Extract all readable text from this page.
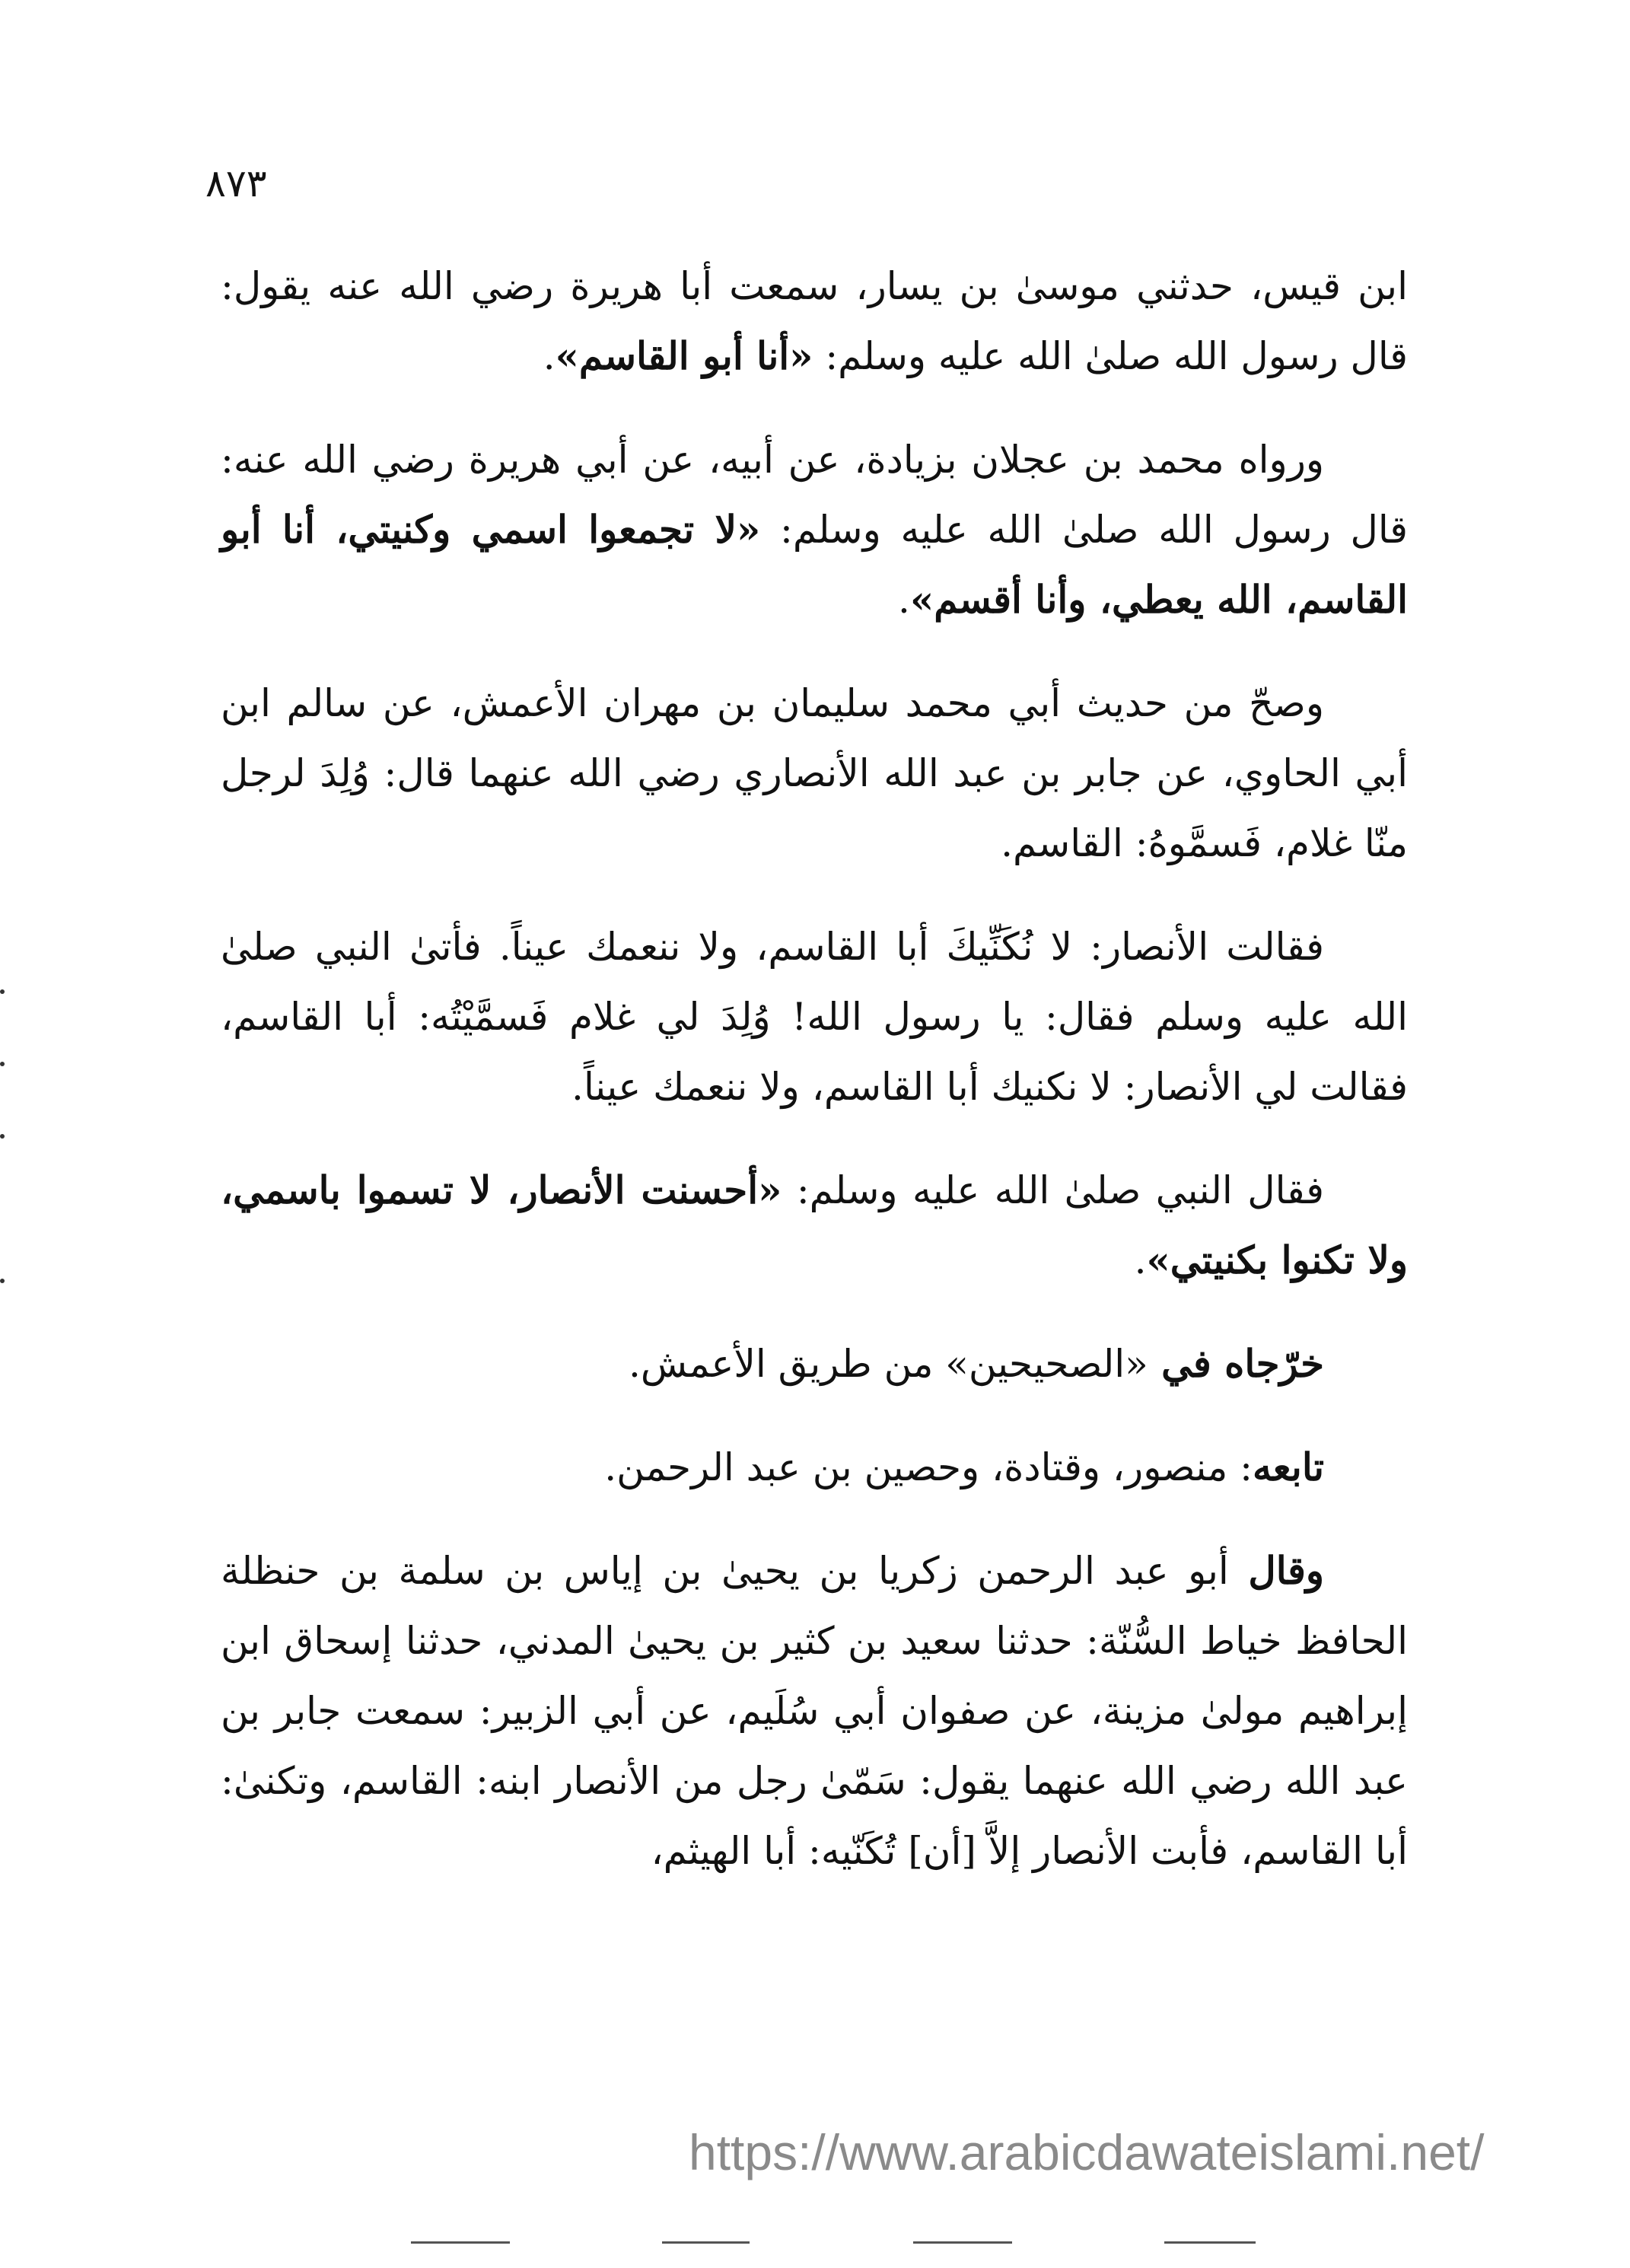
٨٧٣

ابن قيس، حدثني موسىٰ بن يسار، سمعت أبا هريرة رضي الله عنه يقول: قال رسول الله صلىٰ الله عليه وسلم: «أنا أبو القاسم».

ورواه محمد بن عجلان بزيادة، عن أبيه، عن أبي هريرة رضي الله عنه: قال رسول الله صلىٰ الله عليه وسلم: «لا تجمعوا اسمي وكنيتي، أنا أبو القاسم، الله يعطي، وأنا أقسم».

وصحّ من حديث أبي محمد سليمان بن مهران الأعمش، عن سالم ابن أبي الحاوي، عن جابر بن عبد الله الأنصاري رضي الله عنهما قال: وُلِدَ لرجل منّا غلام، فَسمَّوهُ: القاسم.

فقالت الأنصار: لا نُكَنِّيكَ أبا القاسم، ولا ننعمك عيناً. فأتىٰ النبي صلىٰ الله عليه وسلم فقال: يا رسول الله! وُلِدَ لي غلام فَسمَّيْتُه: أبا القاسم، فقالت لي الأنصار: لا نكنيك أبا القاسم، ولا ننعمك عيناً.

فقال النبي صلىٰ الله عليه وسلم: «أحسنت الأنصار، لا تسموا باسمي، ولا تكنوا بكنيتي».

خرّجاه في «الصحيحين» من طريق الأعمش.

تابعه: منصور، وقتادة، وحصين بن عبد الرحمن.

وقال أبو عبد الرحمن زكريا بن يحيىٰ بن إياس بن سلمة بن حنظلة الحافظ خياط السُّنّة: حدثنا سعيد بن كثير بن يحيىٰ المدني، حدثنا إسحاق ابن إبراهيم مولىٰ مزينة، عن صفوان أبي سُلَيم، عن أبي الزبير: سمعت جابر بن عبد الله رضي الله عنهما يقول: سَمّىٰ رجل من الأنصار ابنه: القاسم، وتكنىٰ: أبا القاسم، فأبت الأنصار إلاَّ [أن] تُكَنّيه: أبا الهيثم،

https://www.arabicdawateislami.net/
